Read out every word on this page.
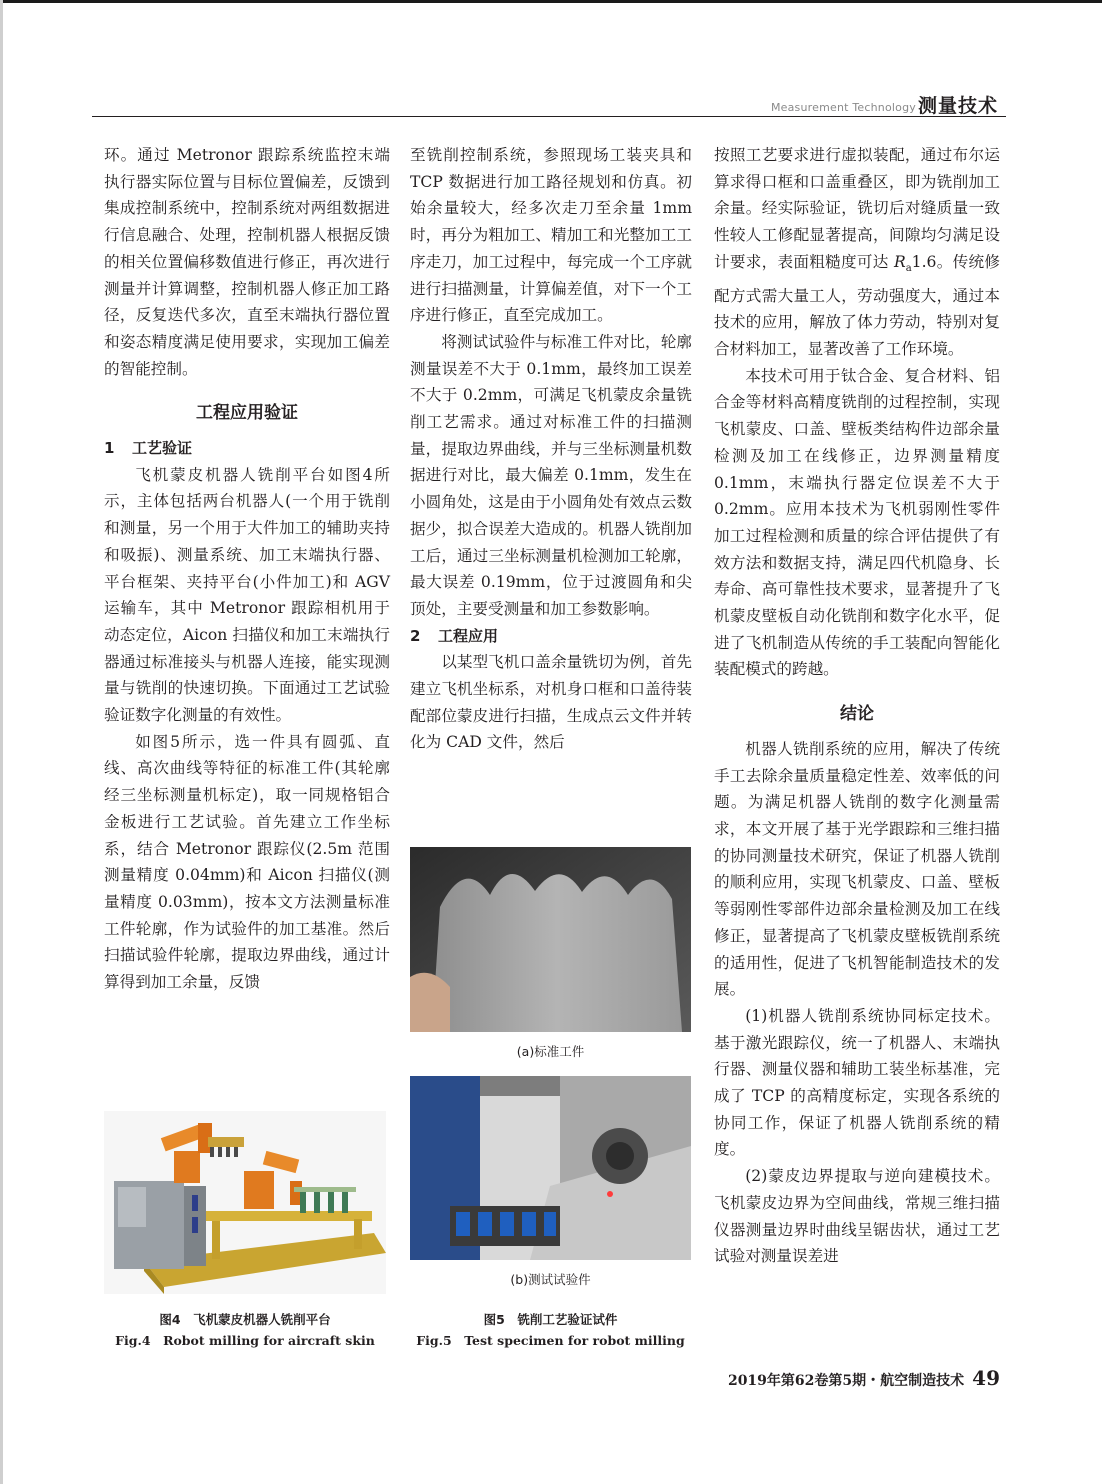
Measurement Technology 测量技术

环。通过 Metronor 跟踪系统监控末端执行器实际位置与目标位置偏差，反馈到集成控制系统中，控制系统对两组数据进行信息融合、处理，控制机器人根据反馈的相关位置偏移数值进行修正，再次进行测量并计算调整，控制机器人修正加工路径，反复迭代多次，直至末端执行器位置和姿态精度满足使用要求，实现加工偏差的智能控制。

工程应用验证

1 工艺验证

飞机蒙皮机器人铣削平台如图4所示，主体包括两台机器人(一个用于铣削和测量，另一个用于大件加工的辅助夹持和吸振)、测量系统、加工末端执行器、平台框架、夹持平台(小件加工)和 AGV 运输车，其中 Metronor 跟踪相机用于动态定位，Aicon 扫描仪和加工末端执行器通过标准接头与机器人连接，能实现测量与铣削的快速切换。下面通过工艺试验验证数字化测量的有效性。

如图5所示，选一件具有圆弧、直线、高次曲线等特征的标准工件(其轮廓经三坐标测量机标定)，取一同规格铝合金板进行工艺试验。首先建立工作坐标系，结合 Metronor 跟踪仪(2.5m 范围测量精度 0.04mm)和 Aicon 扫描仪(测量精度 0.03mm)，按本文方法测量标准工件轮廓，作为试验件的加工基准。然后扫描试验件轮廓，提取边界曲线，通过计算得到加工余量，反馈

至铣削控制系统，参照现场工装夹具和 TCP 数据进行加工路径规划和仿真。初始余量较大，经多次走刀至余量 1mm 时，再分为粗加工、精加工和光整加工工序走刀，加工过程中，每完成一个工序就进行扫描测量，计算偏差值，对下一个工序进行修正，直至完成加工。

将测试试验件与标准工件对比，轮廓测量误差不大于 0.1mm，最终加工误差不大于 0.2mm，可满足飞机蒙皮余量铣削工艺需求。通过对标准工件的扫描测量，提取边界曲线，并与三坐标测量机数据进行对比，最大偏差 0.1mm，发生在小圆角处，这是由于小圆角处有效点云数据少，拟合误差大造成的。机器人铣削加工后，通过三坐标测量机检测加工轮廓，最大误差 0.19mm，位于过渡圆角和尖顶处，主要受测量和加工参数影响。

2 工程应用

以某型飞机口盖余量铣切为例，首先建立飞机坐标系，对机身口框和口盖待装配部位蒙皮进行扫描，生成点云文件并转化为 CAD 文件，然后

按照工艺要求进行虚拟装配，通过布尔运算求得口框和口盖重叠区，即为铣削加工余量。经实际验证，铣切后对缝质量一致性较人工修配显著提高，间隙均匀满足设计要求，表面粗糙度可达 $R_a1.6$。传统修配方式需大量工人，劳动强度大，通过本技术的应用，解放了体力劳动，特别对复合材料加工，显著改善了工作环境。

本技术可用于钛合金、复合材料、铝合金等材料高精度铣削的过程控制，实现飞机蒙皮、口盖、壁板类结构件边部余量检测及加工在线修正，边界测量精度 0.1mm，末端执行器定位误差不大于 0.2mm。应用本技术为飞机弱刚性零件加工过程检测和质量的综合评估提供了有效方法和数据支持，满足四代机隐身、长寿命、高可靠性技术要求，显著提升了飞机蒙皮壁板自动化铣削和数字化水平，促进了飞机制造从传统的手工装配向智能化装配模式的跨越。

结论

机器人铣削系统的应用，解决了传统手工去除余量质量稳定性差、效率低的问题。为满足机器人铣削的数字化测量需求，本文开展了基于光学跟踪和三维扫描的协同测量技术研究，保证了机器人铣削的顺利应用，实现飞机蒙皮、口盖、壁板等弱刚性零部件边部余量检测及加工在线修正，显著提高了飞机蒙皮壁板铣削系统的适用性，促进了飞机智能制造技术的发展。

(1)机器人铣削系统协同标定技术。基于激光跟踪仪，统一了机器人、末端执行器、测量仪器和辅助工装坐标基准，完成了 TCP 的高精度标定，实现各系统的协同工作，保证了机器人铣削系统的精度。

(2)蒙皮边界提取与逆向建模技术。飞机蒙皮边界为空间曲线，常规三维扫描仪器测量边界时曲线呈锯齿状，通过工艺试验对测量误差进

图4　飞机蒙皮机器人铣削平台
Fig.4　Robot milling for aircraft skin
(a)标准工件
(b)测试试验件
图5　铣削工艺验证试件
Fig.5　Test specimen for robot milling
2019年第62卷第5期・航空制造技术 49
